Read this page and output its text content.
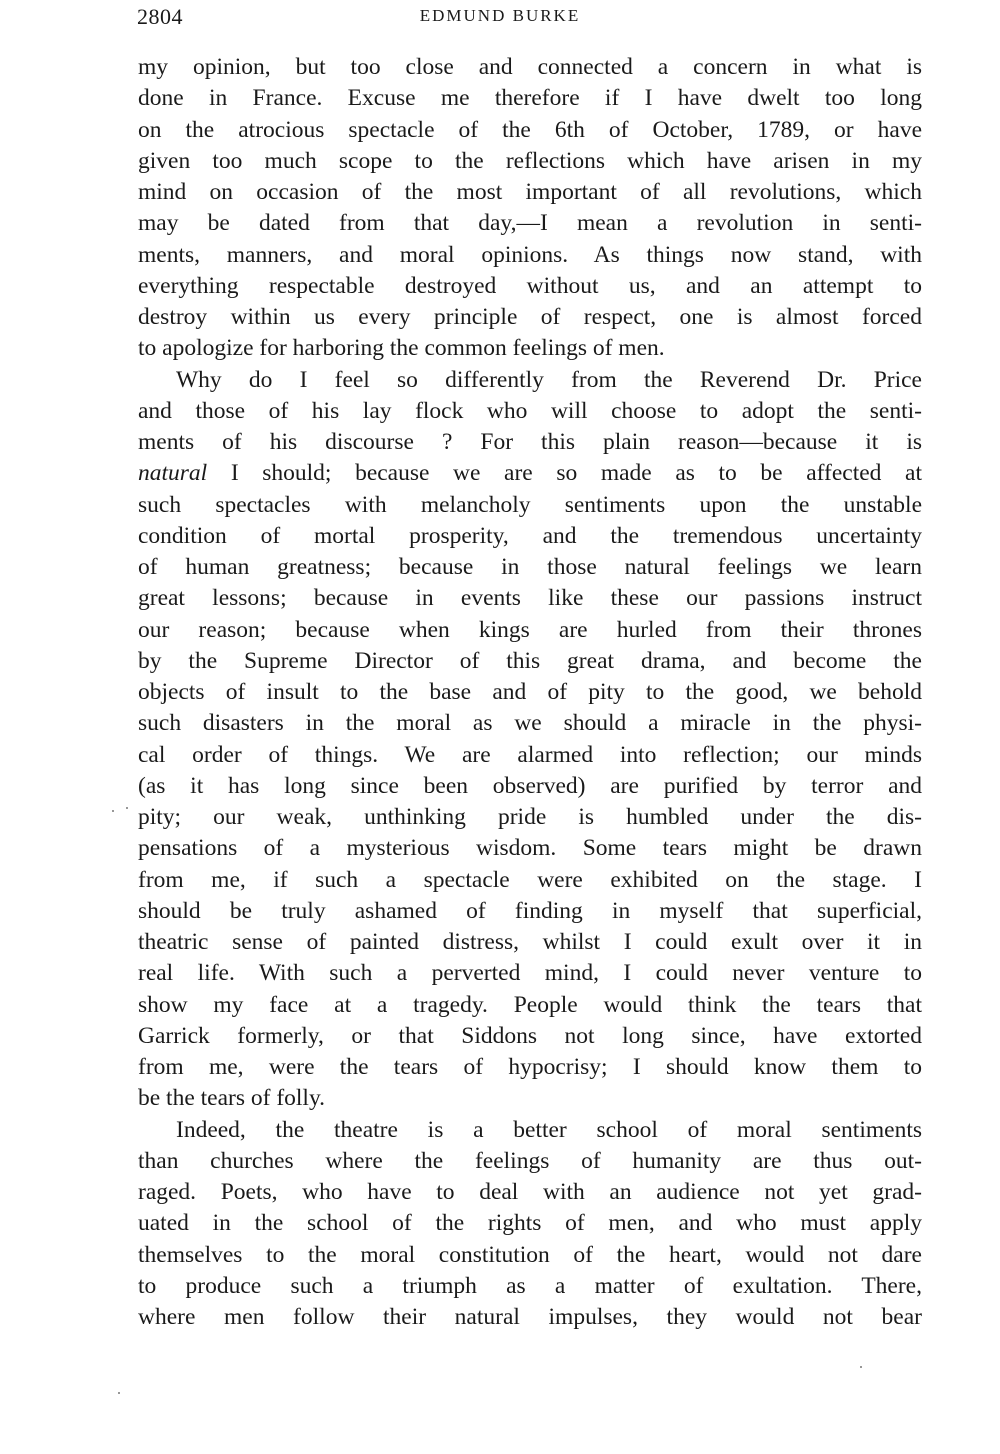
2804	EDMUND BURKE
my opinion, but too close and connected a concern in what is
done in France. Excuse me therefore if I have dwelt too long
on the atrocious spectacle of the 6th of October, 1789, or have
given too much scope to the reflections which have arisen in my
mind on occasion of the most important of all revolutions, which
may be dated from that day,—I mean a revolution in senti-
ments, manners, and moral opinions. As things now stand, with
everything respectable destroyed without us, and an attempt to
destroy within us every principle of respect, one is almost forced
to apologize for harboring the common feelings of men.
Why do I feel so differently from the Reverend Dr. Price
and those of his lay flock who will choose to adopt the senti-
ments of his discourse ? For this plain reason—because it is
natural I should; because we are so made as to be affected at
such spectacles with melancholy sentiments upon the unstable
condition of mortal prosperity, and the tremendous uncertainty
of human greatness; because in those natural feelings we learn
great lessons; because in events like these our passions instruct
our reason; because when kings are hurled from their thrones
by the Supreme Director of this great drama, and become the
objects of insult to the base and of pity to the good, we behold
such disasters in the moral as we should a miracle in the physi-
cal order of things. We are alarmed into reflection; our minds
(as it has long since been observed) are purified by terror and
pity; our weak, unthinking pride is humbled under the dis-
pensations of a mysterious wisdom. Some tears might be drawn
from me, if such a spectacle were exhibited on the stage. I
should be truly ashamed of finding in myself that superficial,
theatric sense of painted distress, whilst I could exult over it in
real life. With such a perverted mind, I could never venture to
show my face at a tragedy. People would think the tears that
Garrick formerly, or that Siddons not long since, have extorted
from me, were the tears of hypocrisy; I should know them to
be the tears of folly.
Indeed, the theatre is a better school of moral sentiments
than churches where the feelings of humanity are thus out-
raged. Poets, who have to deal with an audience not yet grad-
uated in the school of the rights of men, and who must apply
themselves to the moral constitution of the heart, would not dare
to produce such a triumph as a matter of exultation. There,
where men follow their natural impulses, they would not bear
